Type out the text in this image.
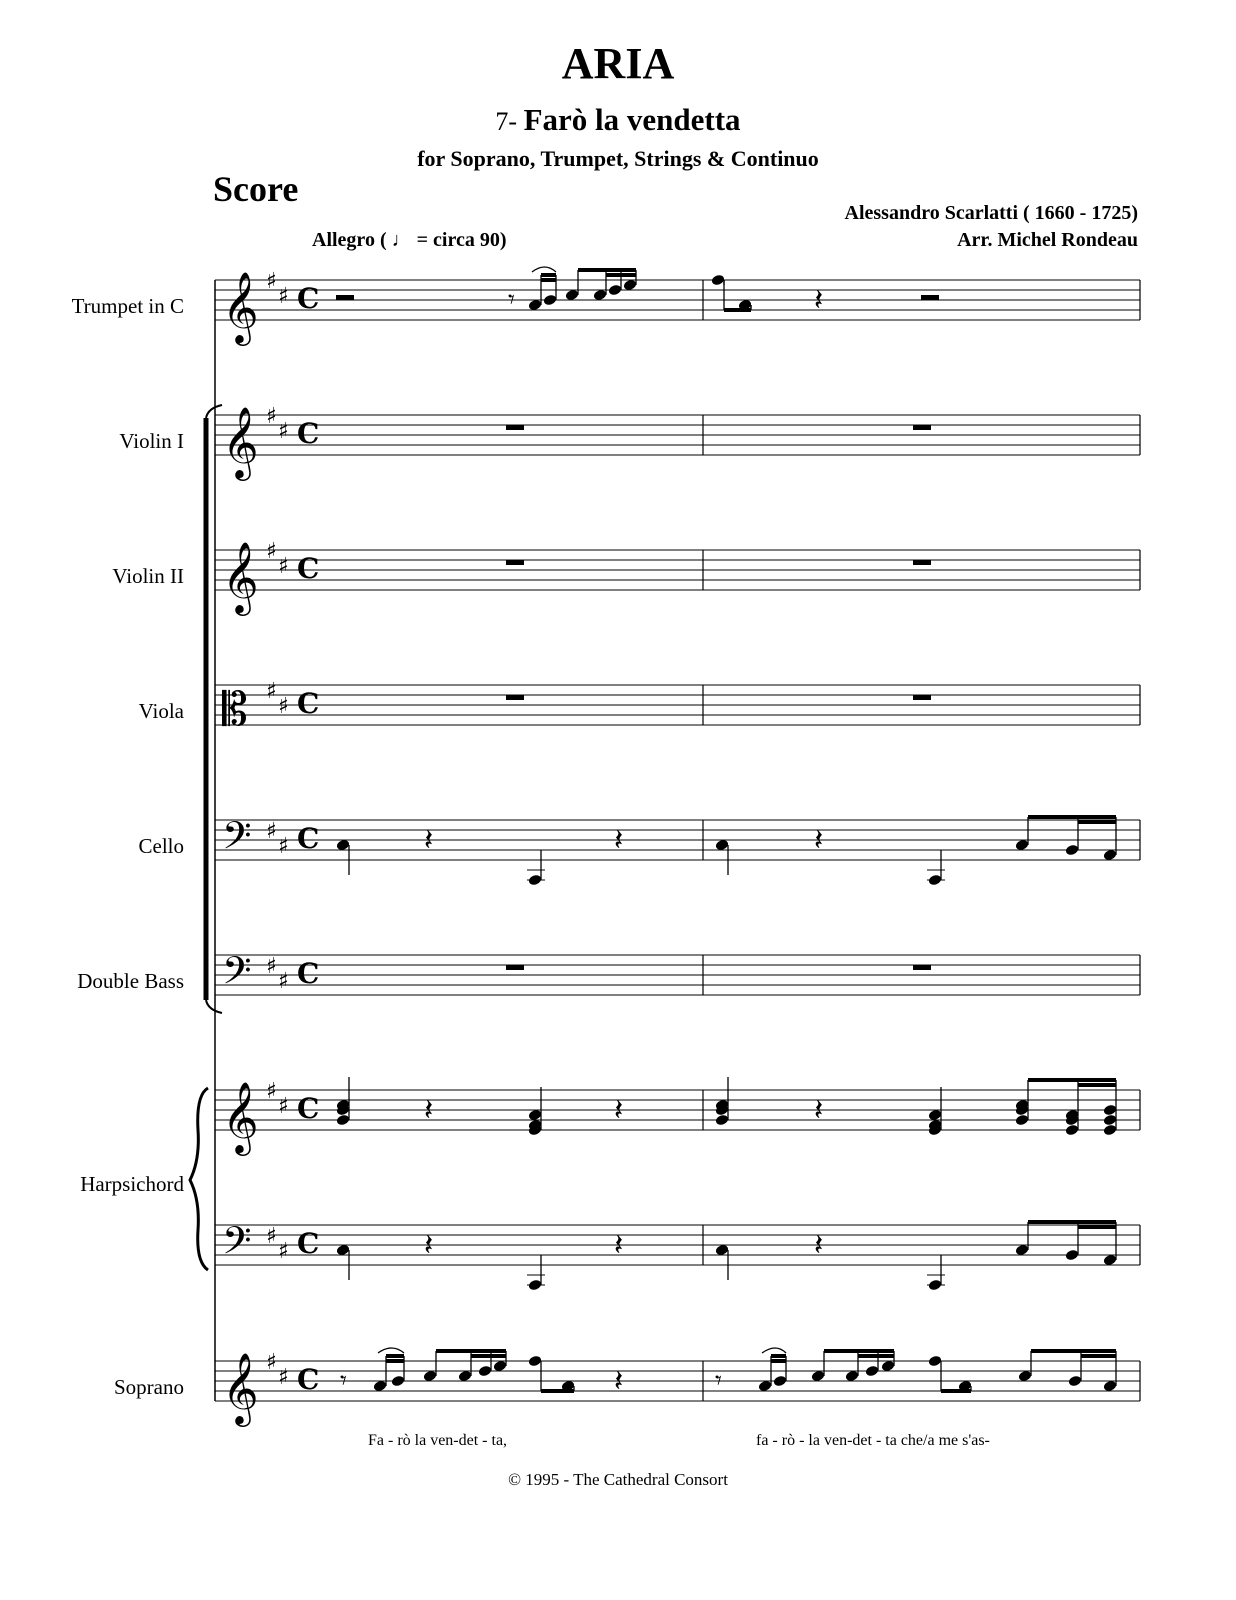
ARIA
7- Farò la vendetta
for Soprano, Trumpet, Strings & Continuo
Score
Alessandro Scarlatti ( 1660 - 1725)
Arr. Michel Rondeau
Allegro ( ♩ = circa 90)
Trumpet in C
Violin I
Violin II
Viola
Cello
Double Bass
Harpsichord
Soprano
𝄞 ♯
♯ C
𝄞 ♯
♯ C
𝄞 ♯
♯ C
𝄡 ♯
♯ C
𝄢 ♯
♯ C
𝄢 ♯
♯ C
𝄞 ♯
♯ C
𝄢 ♯
♯ C
𝄞 ♯
♯ C
𝄾	𝄽
𝄽	𝄽	𝄽
𝄽	𝄽	𝄽
𝄽	𝄽	𝄽
𝄾	𝄽	𝄾
Fa - rò la ven-det - ta,	fa - rò - la ven-det - ta che/a me s'as-
© 1995 - The Cathedral Consort
